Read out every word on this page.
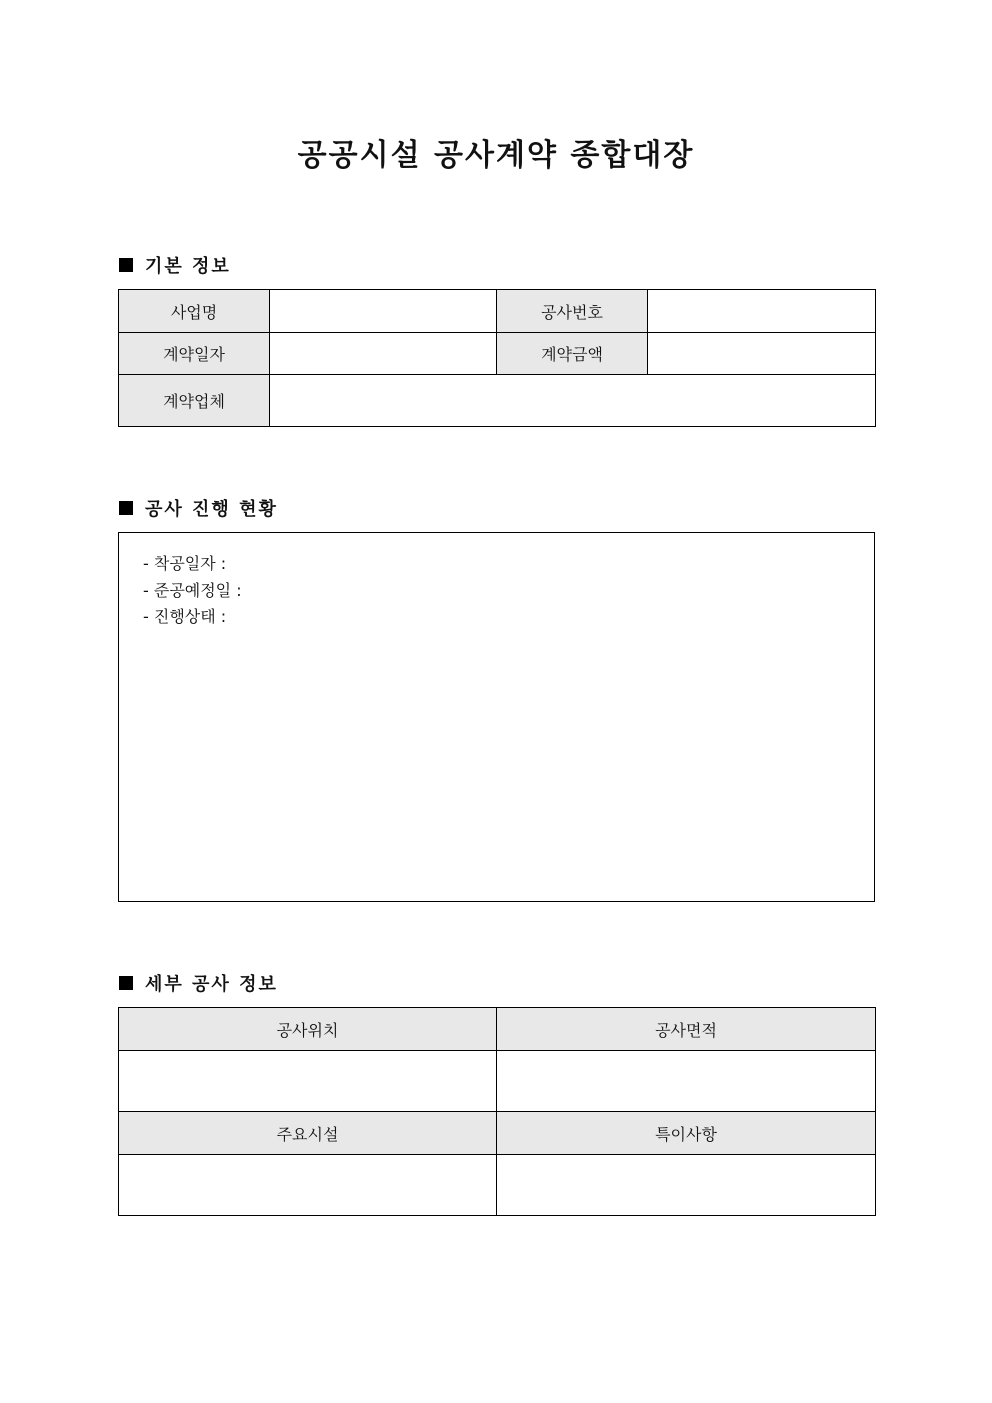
공공시설 공사계약 종합대장
기본 정보
사업명		공사번호	
계약일자		계약금액	
계약업체			
공사 진행 현황
- 착공일자 :
- 준공예정일 :
- 진행상태 :
세부 공사 정보
공사위치	공사면적

주요시설	특이사항
